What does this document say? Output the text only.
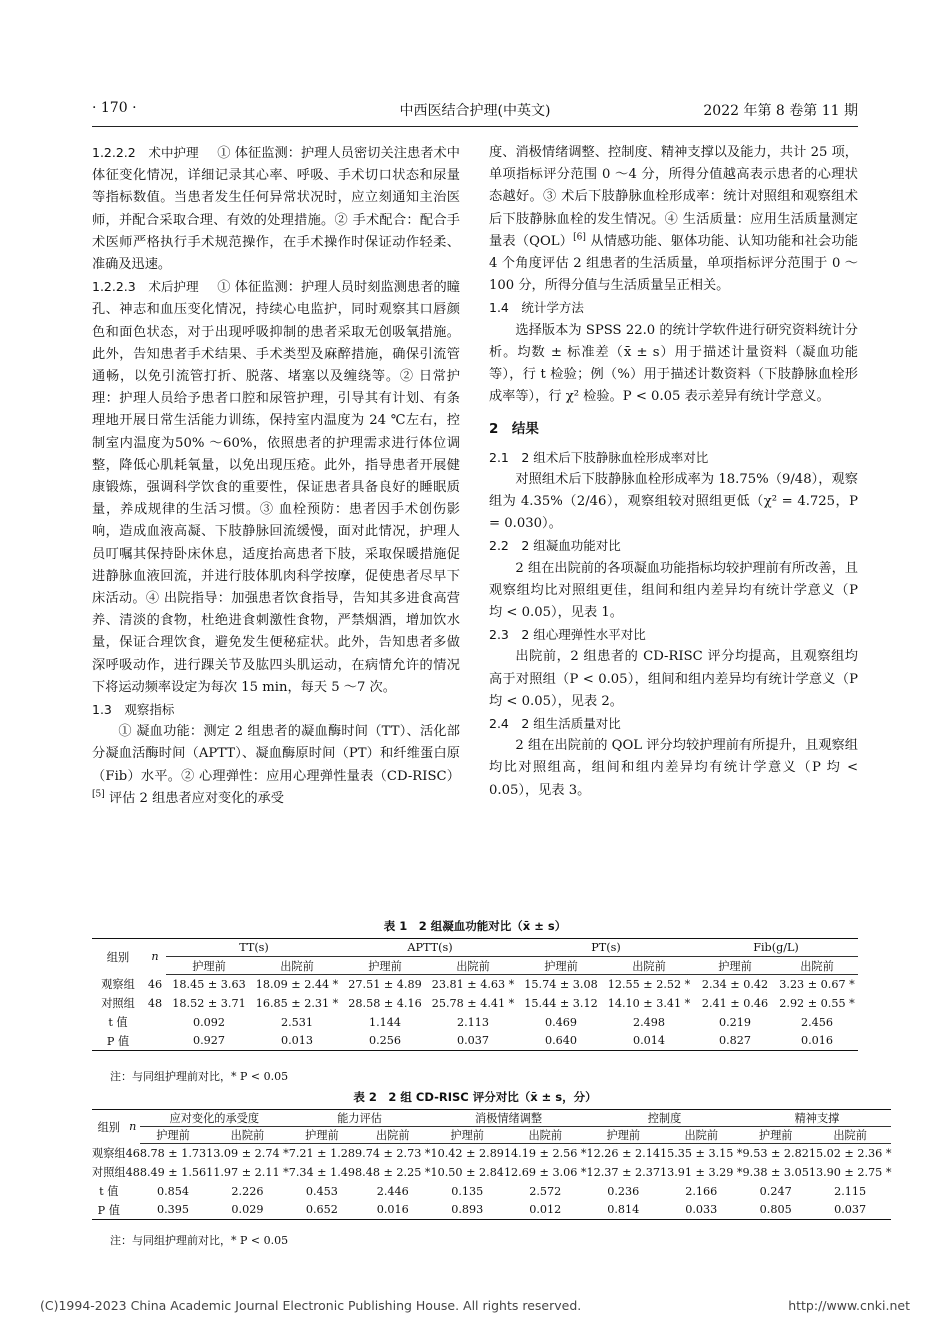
· 170 ·	中西医结合护理(中英文)	2022 年第 8 卷第 11 期

1.2.2.2　术中护理 ① 体征监测：护理人员密切关注患者术中体征变化情况，详细记录其心率、呼吸、手术切口状态和尿量等指标数值。当患者发生任何异常状况时，应立刻通知主治医师，并配合采取合理、有效的处理措施。② 手术配合：配合手术医师严格执行手术规范操作，在手术操作时保证动作轻柔、准确及迅速。

1.2.2.3　术后护理 ① 体征监测：护理人员时刻监测患者的瞳孔、神志和血压变化情况，持续心电监护，同时观察其口唇颜色和面色状态，对于出现呼吸抑制的患者采取无创吸氧措施。此外，告知患者手术结果、手术类型及麻醉措施，确保引流管通畅，以免引流管打折、脱落、堵塞以及缠绕等。② 日常护理：护理人员给予患者口腔和尿管护理，引导其有计划、有条理地开展日常生活能力训练，保持室内温度为 24 ℃左右，控制室内温度为50% ～60%，依照患者的护理需求进行体位调整，降低心肌耗氧量，以免出现压疮。此外，指导患者开展健康锻炼，强调科学饮食的重要性，保证患者具备良好的睡眠质量，养成规律的生活习惯。③ 血栓预防：患者因手术创伤影响，造成血液高凝、下肢静脉回流缓慢，面对此情况，护理人员叮嘱其保持卧床休息，适度抬高患者下肢，采取保暖措施促进静脉血液回流，并进行肢体肌肉科学按摩，促使患者尽早下床活动。④ 出院指导：加强患者饮食指导，告知其多进食高营养、清淡的食物，杜绝进食刺激性食物，严禁烟酒，增加饮水量，保证合理饮食，避免发生便秘症状。此外，告知患者多做深呼吸动作，进行踝关节及肱四头肌运动，在病情允许的情况下将运动频率设定为每次 15 min，每天 5 ～7 次。

1.3　观察指标

① 凝血功能：测定 2 组患者的凝血酶时间（TT）、活化部分凝血活酶时间（APTT）、凝血酶原时间（PT）和纤维蛋白原（Fib）水平。② 心理弹性：应用心理弹性量表（CD-RISC）[5] 评估 2 组患者应对变化的承受

度、消极情绪调整、控制度、精神支撑以及能力，共计 25 项，单项指标评分范围 0 ～4 分，所得分值越高表示患者的心理状态越好。③ 术后下肢静脉血栓形成率：统计对照组和观察组术后下肢静脉血栓的发生情况。④ 生活质量：应用生活质量测定量表（QOL）[6] 从情感功能、躯体功能、认知功能和社会功能 4 个角度评估 2 组患者的生活质量，单项指标评分范围于 0 ～100 分，所得分值与生活质量呈正相关。

1.4　统计学方法

选择版本为 SPSS 22.0 的统计学软件进行研究资料统计分析。均数 ± 标准差（x̄ ± s）用于描述计量资料（凝血功能等），行 t 检验；例（%）用于描述计数资料（下肢静脉血栓形成率等），行 χ² 检验。P < 0.05 表示差异有统计学意义。

2　结果

2.1　2 组术后下肢静脉血栓形成率对比

对照组术后下肢静脉血栓形成率为 18.75%（9/48），观察组为 4.35%（2/46），观察组较对照组更低（χ² = 4.725，P = 0.030）。

2.2　2 组凝血功能对比

2 组在出院前的各项凝血功能指标均较护理前有所改善，且观察组均比对照组更佳，组间和组内差异均有统计学意义（P 均 < 0.05），见表 1。

2.3　2 组心理弹性水平对比

出院前，2 组患者的 CD-RISC 评分均提高，且观察组均高于对照组（P < 0.05），组间和组内差异均有统计学意义（P 均 < 0.05），见表 2。

2.4　2 组生活质量对比

2 组在出院前的 QOL 评分均较护理前有所提升，且观察组均比对照组高，组间和组内差异均有统计学意义（P 均 < 0.05），见表 3。

表 1　2 组凝血功能对比（x̄ ± s）
组别	n	TT(s)		APTT(s)		PT(s)		Fib(g/L)	
		护理前	出院前	护理前	出院前	护理前	出院前	护理前	出院前
观察组	46	18.45 ± 3.63	18.09 ± 2.44 *	27.51 ± 4.89	23.81 ± 4.63 *	15.74 ± 3.08	12.55 ± 2.52 *	2.34 ± 0.42	3.23 ± 0.67 *
对照组	48	18.52 ± 3.71	16.85 ± 2.31 *	28.58 ± 4.16	25.78 ± 4.41 *	15.44 ± 3.12	14.10 ± 3.41 *	2.41 ± 0.46	2.92 ± 0.55 *
t 值		0.092	2.531	1.144	2.113	0.469	2.498	0.219	2.456
P 值		0.927	0.013	0.256	0.037	0.640	0.014	0.827	0.016
注：与同组护理前对比，* P < 0.05
表 2　2 组 CD-RISC 评分对比（x̄ ± s，分）
组别	n	应对变化的承受度		能力评估		消极情绪调整		控制度		精神支撑	
		护理前	出院前	护理前	出院前	护理前	出院前	护理前	出院前	护理前	出院前
观察组	46	8.78 ± 1.73	13.09 ± 2.74 *	7.21 ± 1.28	9.74 ± 2.73 *	10.42 ± 2.89	14.19 ± 2.56 *	12.26 ± 2.14	15.35 ± 3.15 *	9.53 ± 2.82	15.02 ± 2.36 *
对照组	48	8.49 ± 1.56	11.97 ± 2.11 *	7.34 ± 1.49	8.48 ± 2.25 *	10.50 ± 2.84	12.69 ± 3.06 *	12.37 ± 2.37	13.91 ± 3.29 *	9.38 ± 3.05	13.90 ± 2.75 *
t 值		0.854	2.226	0.453	2.446	0.135	2.572	0.236	2.166	0.247	2.115
P 值		0.395	0.029	0.652	0.016	0.893	0.012	0.814	0.033	0.805	0.037
注：与同组护理前对比，* P < 0.05
(C)1994-2023 China Academic Journal Electronic Publishing House. All rights reserved.	http://www.cnki.net
